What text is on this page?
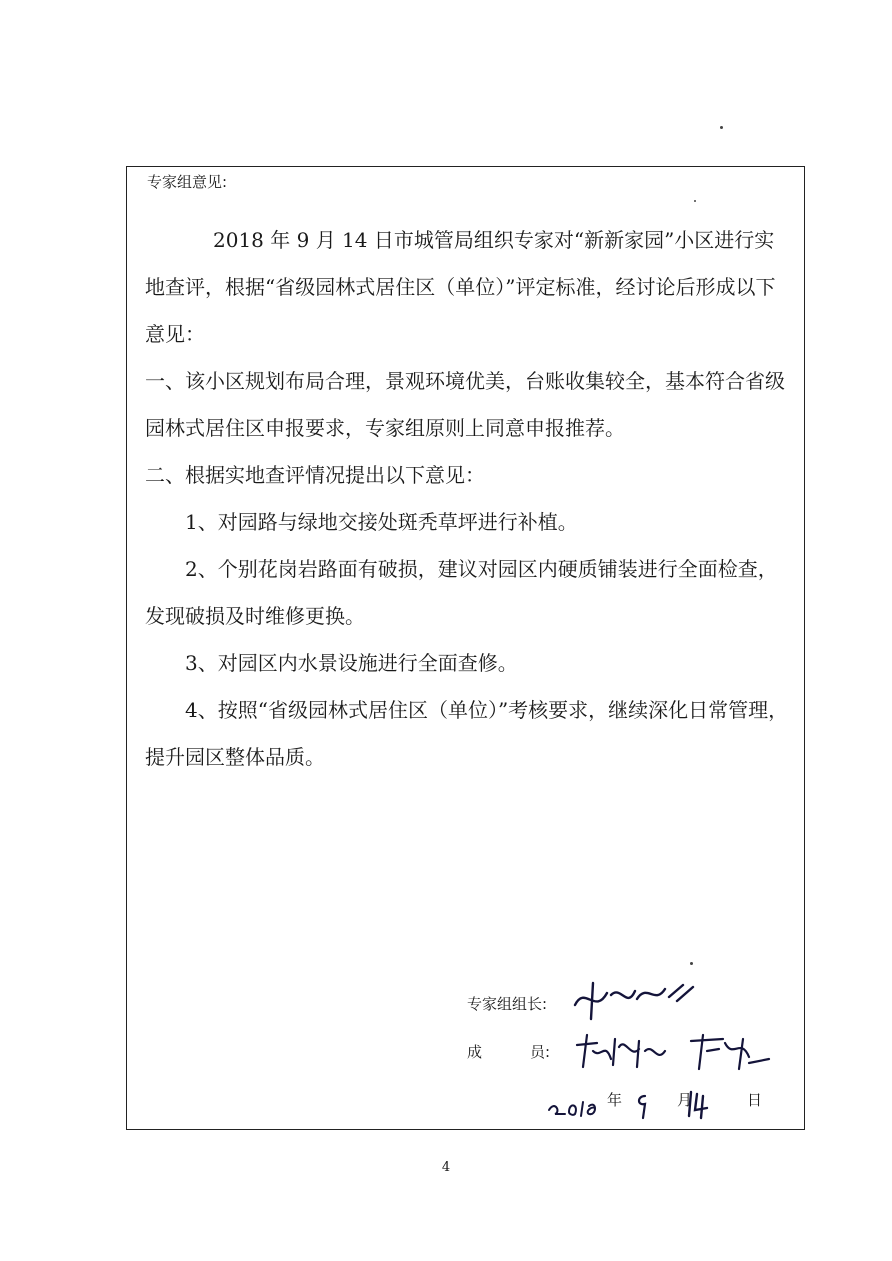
专家组意见:

2018 年 9 月 14 日市城管局组织专家对“新新家园”小区进行实地查评，根据“省级园林式居住区（单位）”评定标准，经讨论后形成以下意见：

一、该小区规划布局合理，景观环境优美，台账收集较全，基本符合省级园林式居住区申报要求，专家组原则上同意申报推荐。

二、根据实地查评情况提出以下意见：

1、对园路与绿地交接处斑秃草坪进行补植。

2、个别花岗岩路面有破损，建议对园区内硬质铺装进行全面检查，发现破损及时维修更换。

3、对园区内水景设施进行全面查修。

4、按照“省级园林式居住区（单位）”考核要求，继续深化日常管理，提升园区整体品质。

专家组组长:
成	员:
年	月	日
4
